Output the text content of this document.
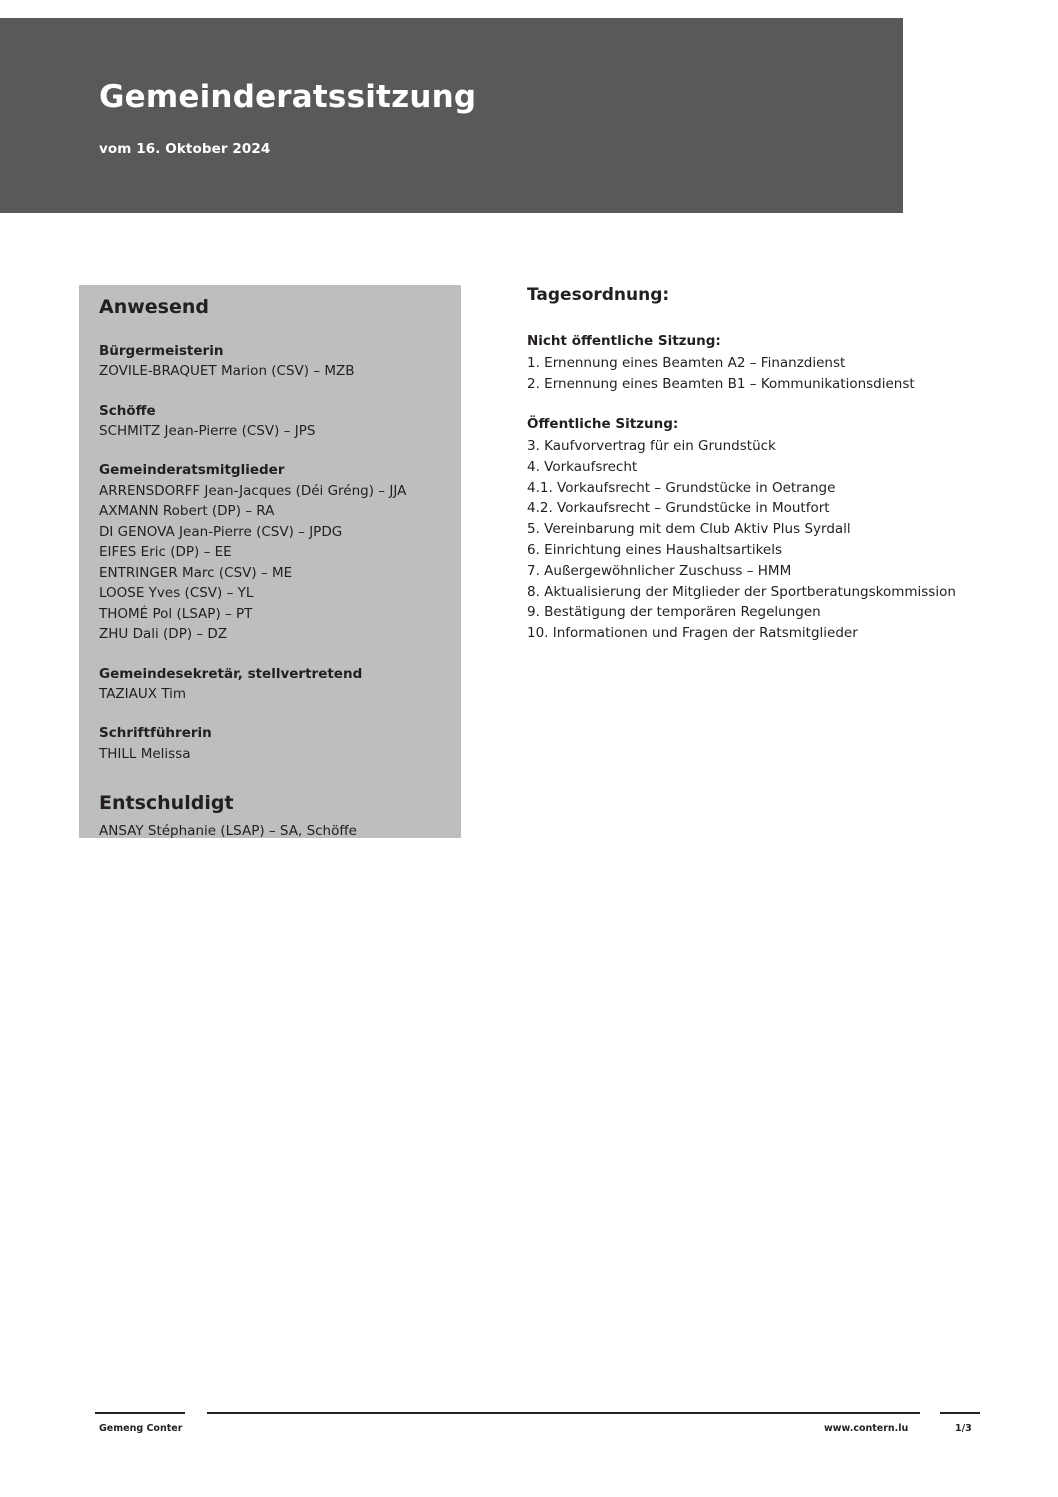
Gemeinderatssitzung
vom 16. Oktober 2024
Anwesend

Bürgermeisterin

ZOVILE-BRAQUET Marion (CSV) – MZB

Schöffe

SCHMITZ Jean-Pierre (CSV) – JPS

Gemeinderatsmitglieder

ARRENSDORFF Jean-Jacques (Déi Gréng) – JJA

AXMANN Robert (DP) – RA

DI GENOVA Jean-Pierre (CSV) – JPDG

EIFES Eric (DP) – EE

ENTRINGER Marc (CSV) – ME

LOOSE Yves (CSV) – YL

THOMÉ Pol (LSAP) – PT

ZHU Dali (DP) – DZ

Gemeindesekretär, stellvertretend

TAZIAUX Tim

Schriftführerin

THILL Melissa

Entschuldigt

ANSAY Stéphanie (LSAP) – SA, Schöffe

Tagesordnung:

Nicht öffentliche Sitzung:

1. Ernennung eines Beamten A2 – Finanzdienst

2. Ernennung eines Beamten B1 – Kommunikationsdienst

Öffentliche Sitzung:

3. Kaufvorvertrag für ein Grundstück

4. Vorkaufsrecht

4.1. Vorkaufsrecht – Grundstücke in Oetrange

4.2. Vorkaufsrecht – Grundstücke in Moutfort

5. Vereinbarung mit dem Club Aktiv Plus Syrdall

6. Einrichtung eines Haushaltsartikels

7. Außergewöhnlicher Zuschuss – HMM

8. Aktualisierung der Mitglieder der Sportberatungskommission

9. Bestätigung der temporären Regelungen

10. Informationen und Fragen der Ratsmitglieder

Gemeng Conter	www.contern.lu	1/3
